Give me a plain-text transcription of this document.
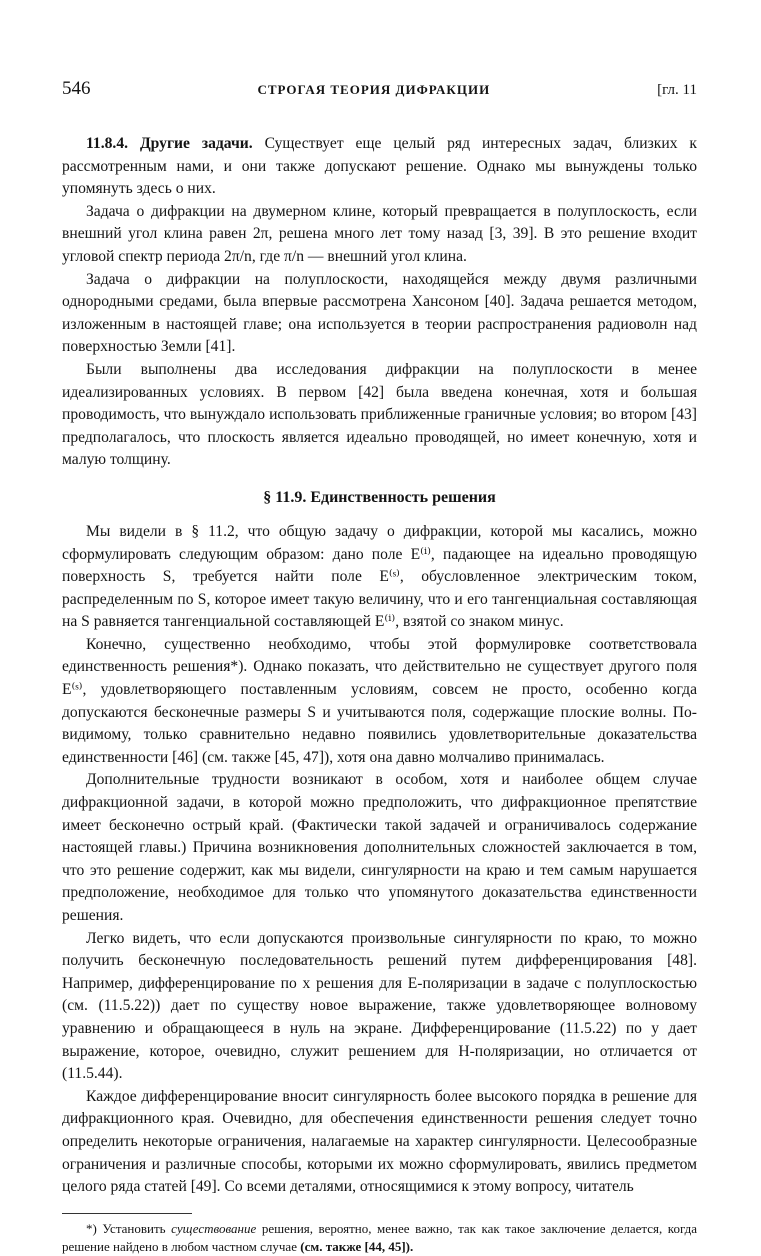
546	СТРОГАЯ ТЕОРИЯ ДИФРАКЦИИ	[гл. 11

11.8.4. Другие задачи. Существует еще целый ряд интересных задач, близких к рассмотренным нами, и они также допускают решение. Однако мы вынуждены только упомянуть здесь о них.

Задача о дифракции на двумерном клине, который превращается в полуплоскость, если внешний угол клина равен 2π, решена много лет тому назад [3, 39]. В это решение входит угловой спектр периода 2π/n, где π/n — внешний угол клина.

Задача о дифракции на полуплоскости, находящейся между двумя различными однородными средами, была впервые рассмотрена Хансоном [40]. Задача решается методом, изложенным в настоящей главе; она используется в теории распространения радиоволн над поверхностью Земли [41].

Были выполнены два исследования дифракции на полуплоскости в менее идеализированных условиях. В первом [42] была введена конечная, хотя и большая проводимость, что вынуждало использовать приближенные граничные условия; во втором [43] предполагалось, что плоскость является идеально проводящей, но имеет конечную, хотя и малую толщину.

§ 11.9. Единственность решения

Мы видели в § 11.2, что общую задачу о дифракции, которой мы касались, можно сформулировать следующим образом: дано поле E⁽ⁱ⁾, падающее на идеально проводящую поверхность S, требуется найти поле E⁽ˢ⁾, обусловленное электрическим током, распределенным по S, которое имеет такую величину, что и его тангенциальная составляющая на S равняется тангенциальной составляющей E⁽ⁱ⁾, взятой со знаком минус.

Конечно, существенно необходимо, чтобы этой формулировке соответствовала единственность решения*). Однако показать, что действительно не существует другого поля E⁽ˢ⁾, удовлетворяющего поставленным условиям, совсем не просто, особенно когда допускаются бесконечные размеры S и учитываются поля, содержащие плоские волны. По-видимому, только сравнительно недавно появились удовлетворительные доказательства единственности [46] (см. также [45, 47]), хотя она давно молчаливо принималась.

Дополнительные трудности возникают в особом, хотя и наиболее общем случае дифракционной задачи, в которой можно предположить, что дифракционное препятствие имеет бесконечно острый край. (Фактически такой задачей и ограничивалось содержание настоящей главы.) Причина возникновения дополнительных сложностей заключается в том, что это решение содержит, как мы видели, сингулярности на краю и тем самым нарушается предположение, необходимое для только что упомянутого доказательства единственности решения.

Легко видеть, что если допускаются произвольные сингулярности по краю, то можно получить бесконечную последовательность решений путем дифференцирования [48]. Например, дифференцирование по x решения для E-поляризации в задаче с полуплоскостью (см. (11.5.22)) дает по существу новое выражение, также удовлетворяющее волновому уравнению и обращающееся в нуль на экране. Дифференцирование (11.5.22) по y дает выражение, которое, очевидно, служит решением для H-поляризации, но отличается от (11.5.44).

Каждое дифференцирование вносит сингулярность более высокого порядка в решение для дифракционного края. Очевидно, для обеспечения единственности решения следует точно определить некоторые ограничения, налагаемые на характер сингулярности. Целесообразные ограничения и различные способы, которыми их можно сформулировать, явились предметом целого ряда статей [49]. Со всеми деталями, относящимися к этому вопросу, читатель

*) Установить существование решения, вероятно, менее важно, так как такое заключение делается, когда решение найдено в любом частном случае (см. также [44, 45]).
